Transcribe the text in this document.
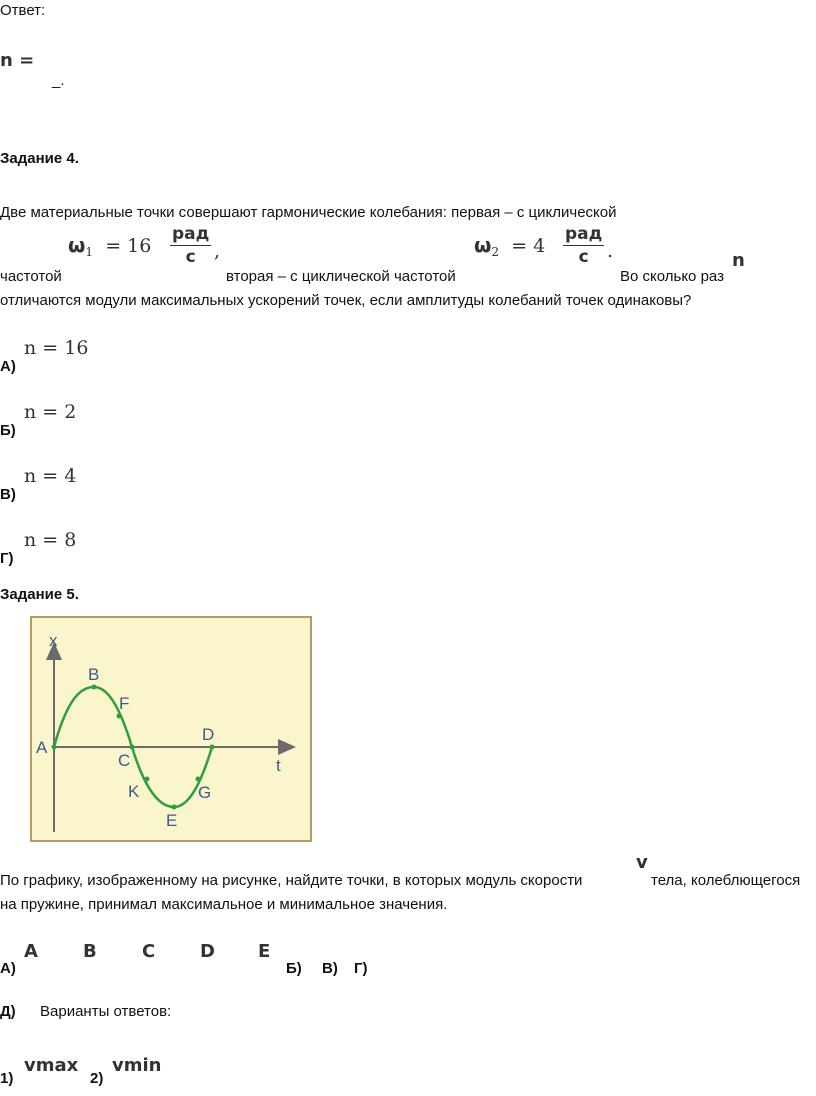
Ответ:
n =
_.
Задание 4.
Две материальные точки совершают гармонические колебания: первая – с циклической
$\omega_1 = 16$
рад
с ,	$\omega_2 = 4$
рад
с .
частотой	вторая – с циклической частотой	Во сколько раз
n
отличаются модули максимальных ускорений точек, если амплитуды колебаний точек одинаковы?
А)
n = 16
Б)
n = 2
В)
n = 4
Г)
n = 8
Задание 5.
x
t
A
B
F
C
D
K
E
G
По графику, изображенному на рисунке, найдите точки, в которых модуль скорости
v
тела, колеблющегося
на пружине, принимал максимальное и минимальное значения.
А)
A	B	C D E
Б) В) Г)
Д) Варианты ответов:
1)
vmax
2)
vmin
